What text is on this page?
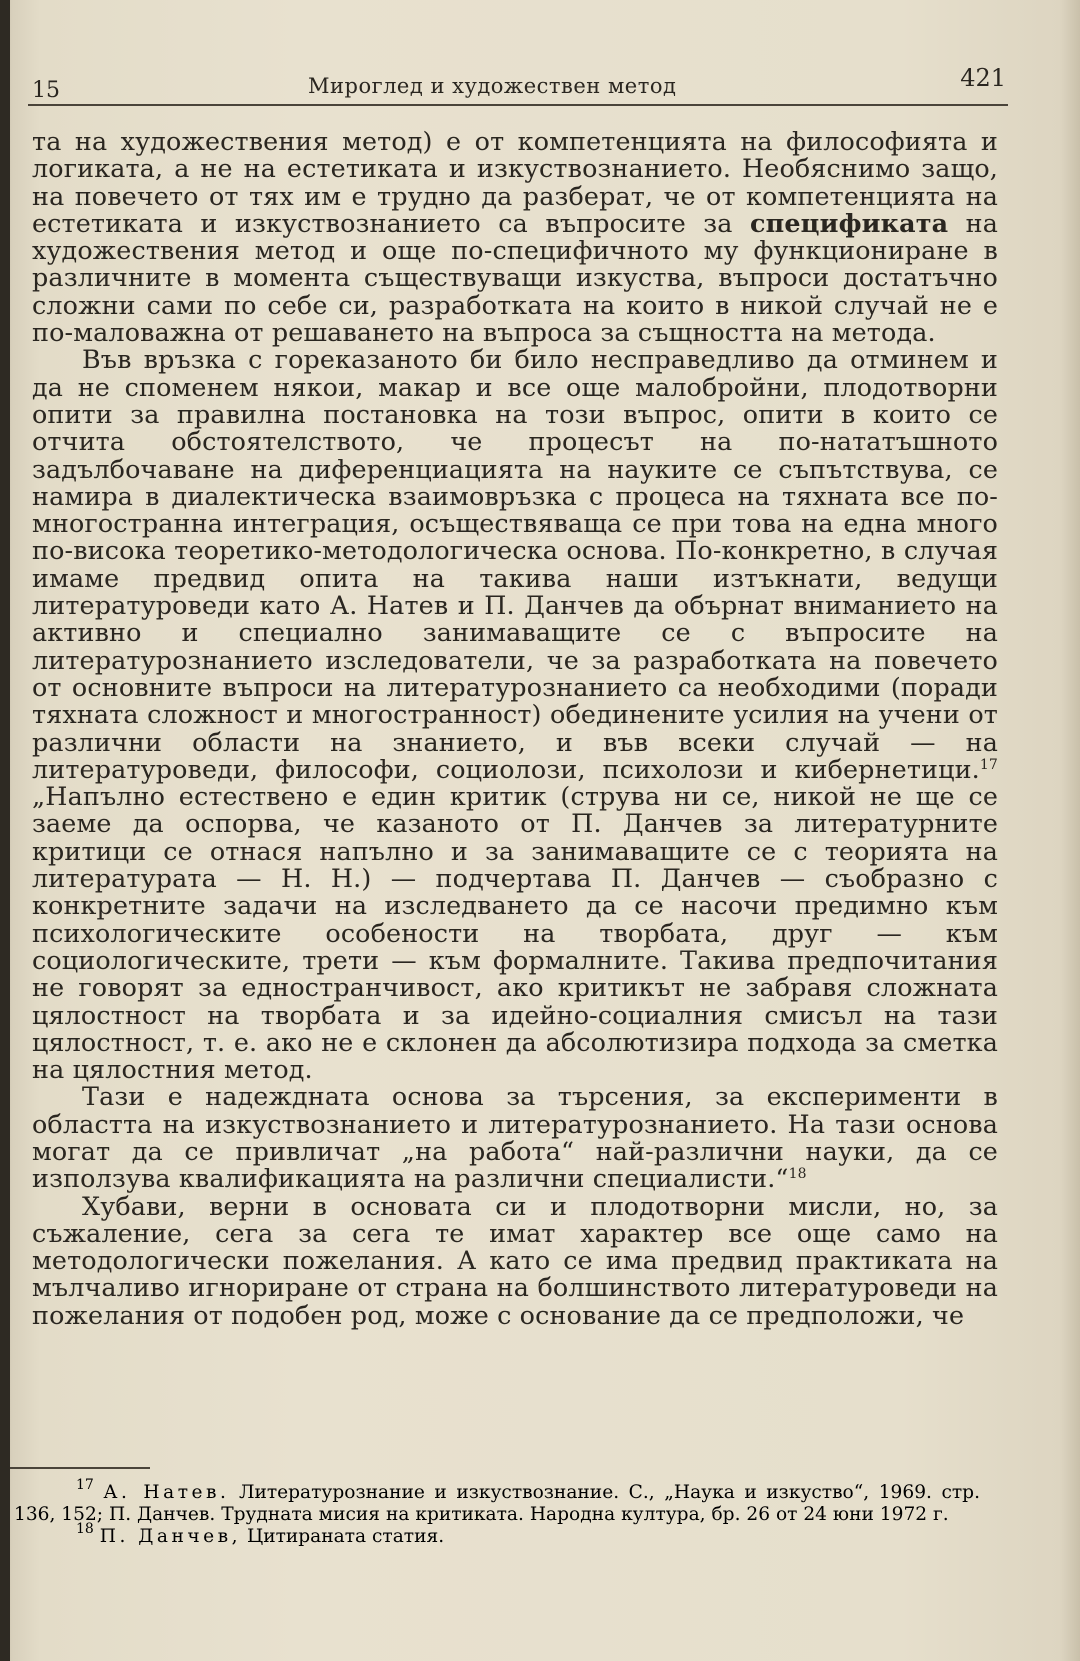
15	Мироглед и художествен метод	421

та на художествения метод) е от компетенцията на философията и логиката, а не на естетиката и изкуствознанието. Необяснимо защо, на повечето от тях им е трудно да разберат, че от компетенцията на естетиката и изкуствознанието са въпросите за спецификата на художествения метод и още по-специфичното му функциониране в различните в момента съществуващи изкуства, въпроси достатъчно сложни сами по себе си, разработката на които в никой случай не е по-маловажна от решаването на въпроса за същността на метода.

Във връзка с гореказаното би било несправедливо да отминем и да не споменем някои, макар и все още малобройни, плодотворни опити за правилна постановка на този въпрос, опити в които се отчита обстоятелството, че процесът на по-нататъшното задълбочаване на диференциацията на науките се съпътствува, се намира в диалектическа взаимовръзка с процеса на тяхната все по-многостранна интеграция, осъществяваща се при това на една много по-висока теоретико-методологическа основа. По-конкретно, в случая имаме предвид опита на такива наши изтъкнати, ведущи литературоведи като А. Натев и П. Данчев да обърнат вниманието на активно и специално занимаващите се с въпросите на литературознанието изследователи, че за разработката на повечето от основните въпроси на литературознанието са необходими (поради тяхната сложност и многостранност) обединените усилия на учени от различни области на знанието, и във всеки случай — на литературоведи, философи, социолози, психолози и кибернетици.$^{17}$ „Напълно естествено е един критик (струва ни се, никой не ще се заеме да оспорва, че казаното от П. Данчев за литературните критици се отнася напълно и за занимаващите се с теорията на литературата — Н. Н.) — подчертава П. Данчев — съобразно с конкретните задачи на изследването да се насочи предимно към психологическите особености на творбата, друг — към социологическите, трети — към формалните. Такива предпочитания не говорят за едностранчивост, ако критикът не забравя сложната цялостност на творбата и за идейно-социалния смисъл на тази цялостност, т. е. ако не е склонен да абсолютизира подхода за сметка на цялостния метод.

Тази е надеждната основа за търсения, за експерименти в областта на изкуствознанието и литературознанието. На тази основа могат да се привличат „на работа“ най-различни науки, да се използува квалификацията на различни специалисти.“$^{18}$

Хубави, верни в основата си и плодотворни мисли, но, за съжаление, сега за сега те имат характер все още само на методологически пожелания. А като се има предвид практиката на мълчаливо игнориране от страна на болшинството литературоведи на пожелания от подобен род, може с основание да се предположи, че

$^{17}$ А. Натев. Литературознание и изкуствознание. С., „Наука и изкуство“, 1969. стр. 136, 152; П. Данчев. Трудната мисия на критиката. Народна култура, бр. 26 от 24 юни 1972 г.

$^{18}$ П. Данчев, Цитираната статия.
